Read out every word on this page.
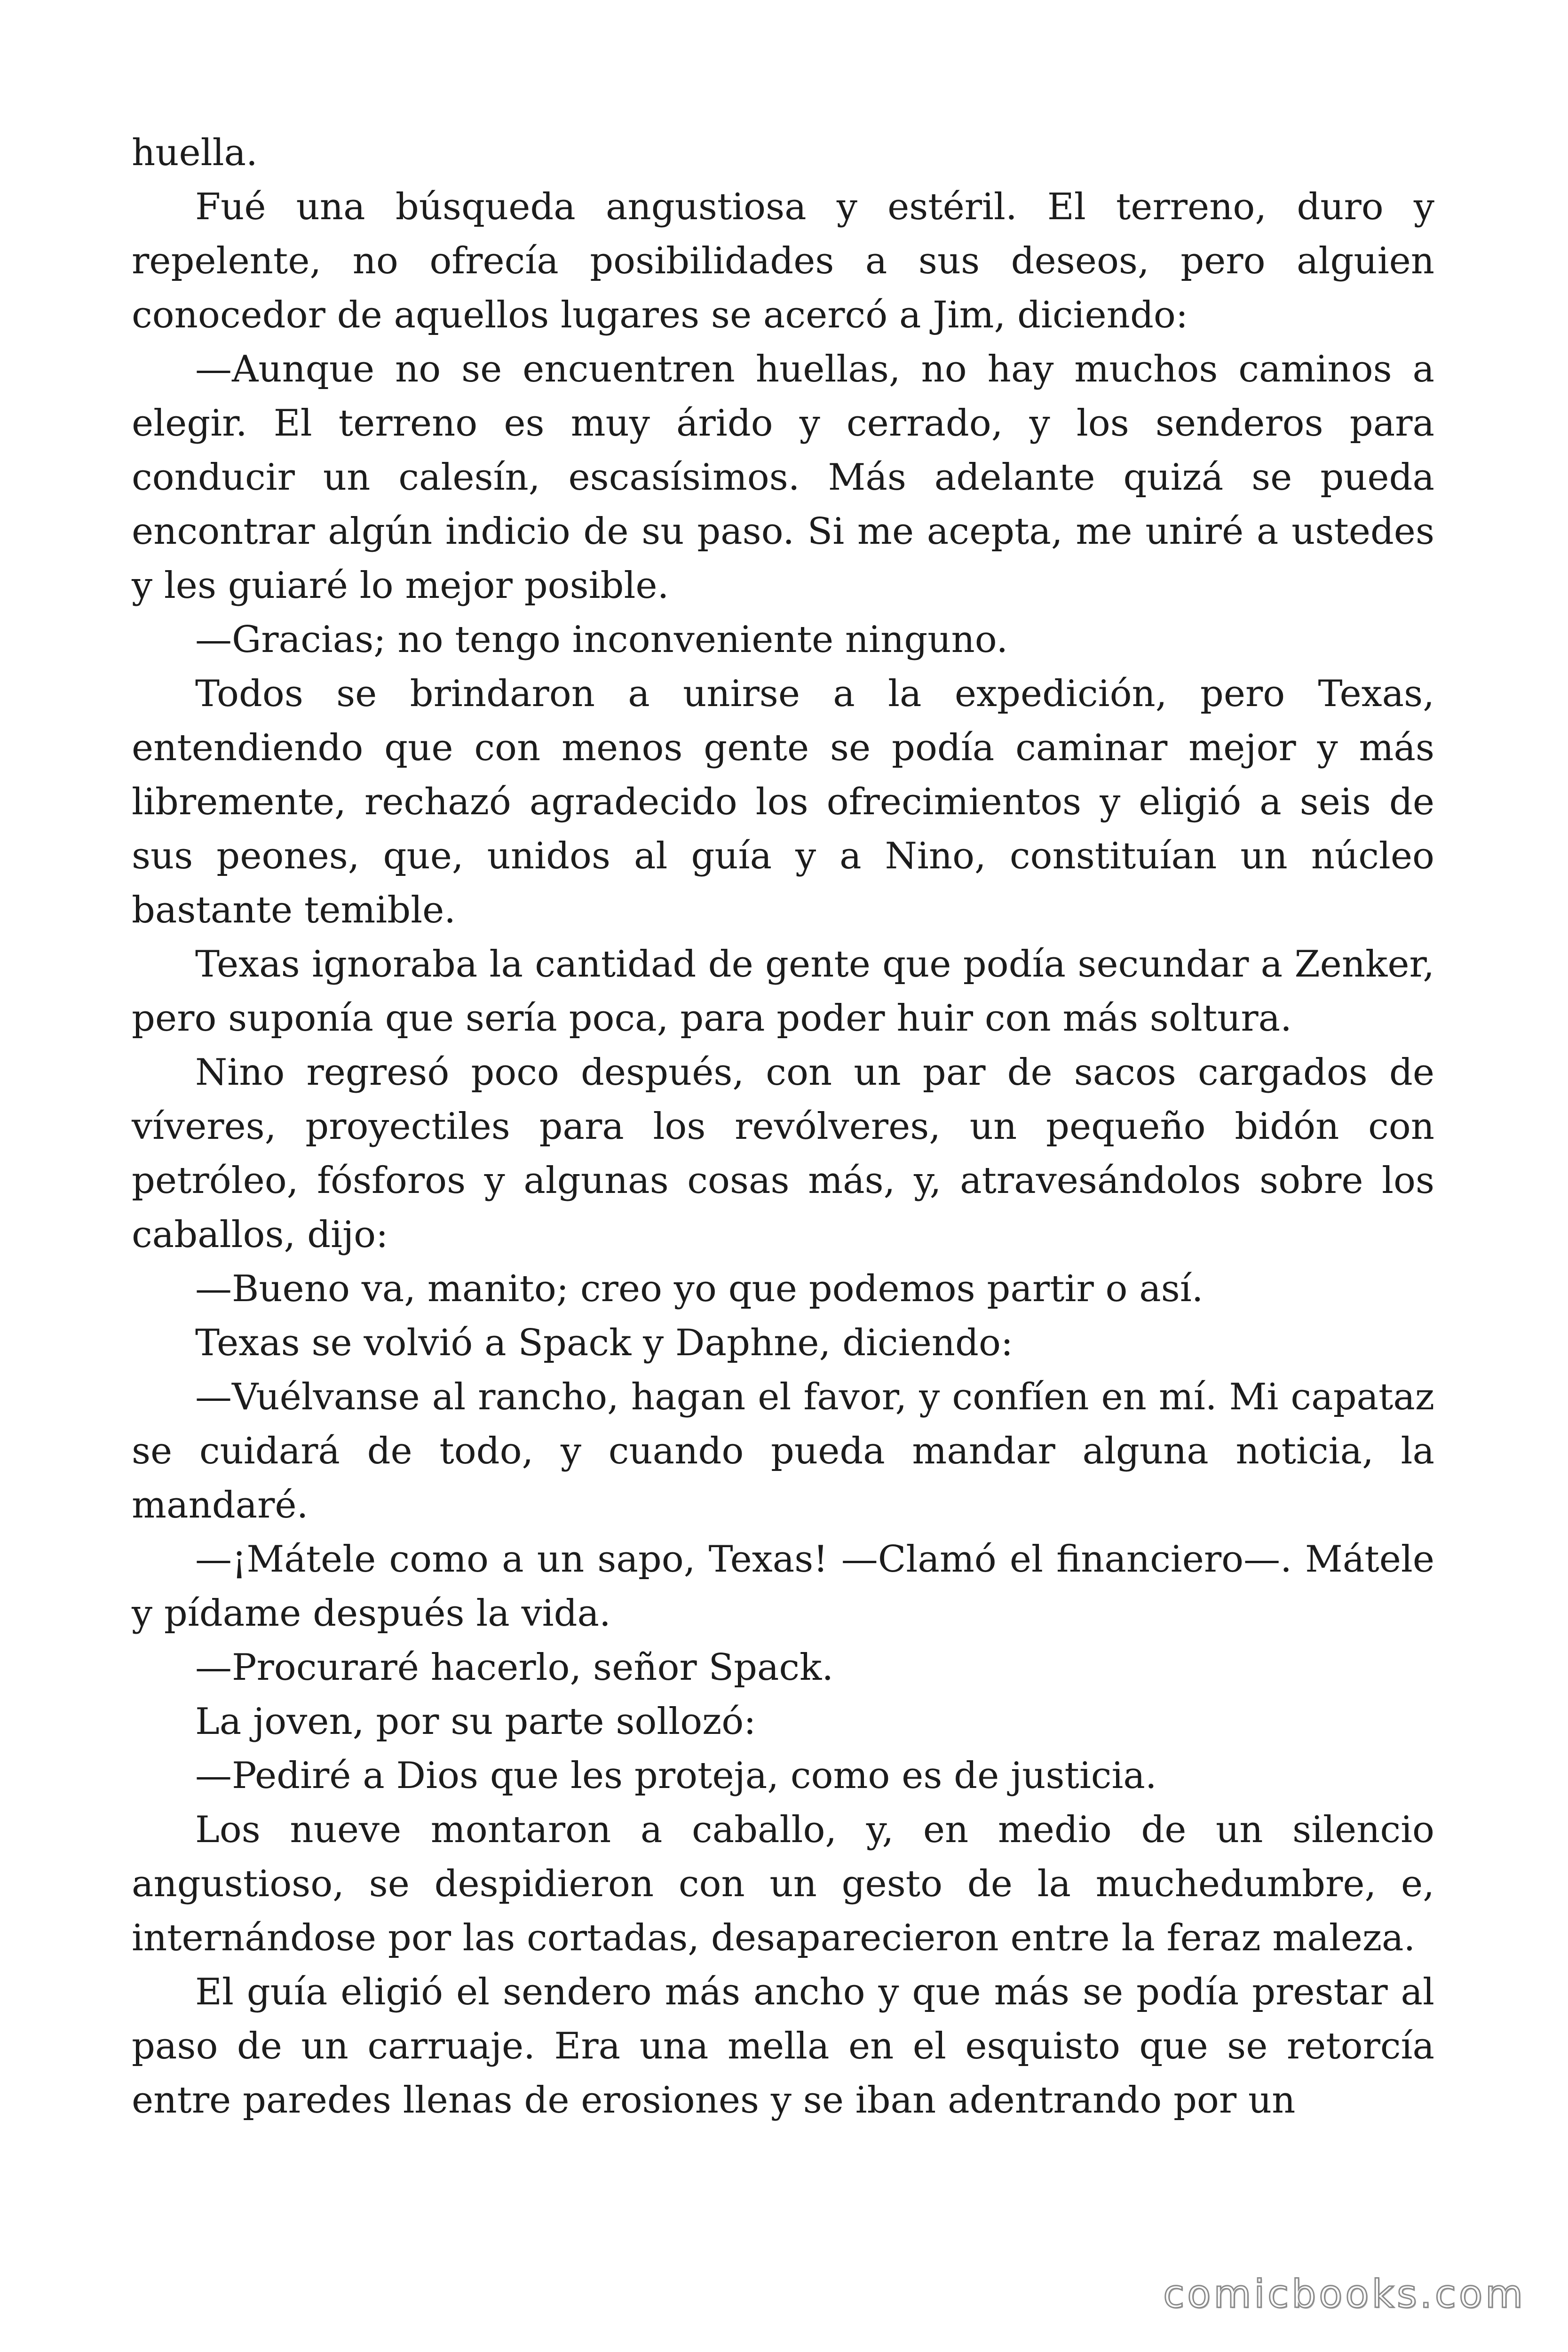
huella.

Fué una búsqueda angustiosa y estéril. El terreno, duro y repelente, no ofrecía posibilidades a sus deseos, pero alguien conocedor de aquellos lugares se acercó a Jim, diciendo:

—Aunque no se encuentren huellas, no hay muchos caminos a elegir. El terreno es muy árido y cerrado, y los senderos para conducir un calesín, escasísimos. Más adelante quizá se pueda encontrar algún indicio de su paso. Si me acepta, me uniré a ustedes y les guiaré lo mejor posible.

—Gracias; no tengo inconveniente ninguno.

Todos se brindaron a unirse a la expedición, pero Texas, entendiendo que con menos gente se podía caminar mejor y más libremente, rechazó agradecido los ofrecimientos y eligió a seis de sus peones, que, unidos al guía y a Nino, constituían un núcleo bastante temible.

Texas ignoraba la cantidad de gente que podía secundar a Zenker, pero suponía que sería poca, para poder huir con más soltura.

Nino regresó poco después, con un par de sacos cargados de víveres, proyectiles para los revólveres, un pequeño bidón con petróleo, fósforos y algunas cosas más, y, atravesándolos sobre los caballos, dijo:

—Bueno va, manito; creo yo que podemos partir o así.

Texas se volvió a Spack y Daphne, diciendo:

—Vuélvanse al rancho, hagan el favor, y confíen en mí. Mi capataz se cuidará de todo, y cuando pueda mandar alguna noticia, la mandaré.

—¡Mátele como a un sapo, Texas! —Clamó el financiero—. Mátele y pídame después la vida.

—Procuraré hacerlo, señor Spack.

La joven, por su parte sollozó:

—Pediré a Dios que les proteja, como es de justicia.

Los nueve montaron a caballo, y, en medio de un silencio angustioso, se despidieron con un gesto de la muchedumbre, e, internándose por las cortadas, desaparecieron entre la feraz maleza.

El guía eligió el sendero más ancho y que más se podía prestar al paso de un carruaje. Era una mella en el esquisto que se retorcía entre paredes llenas de erosiones y se iban adentrando por un

comicbooks.com
